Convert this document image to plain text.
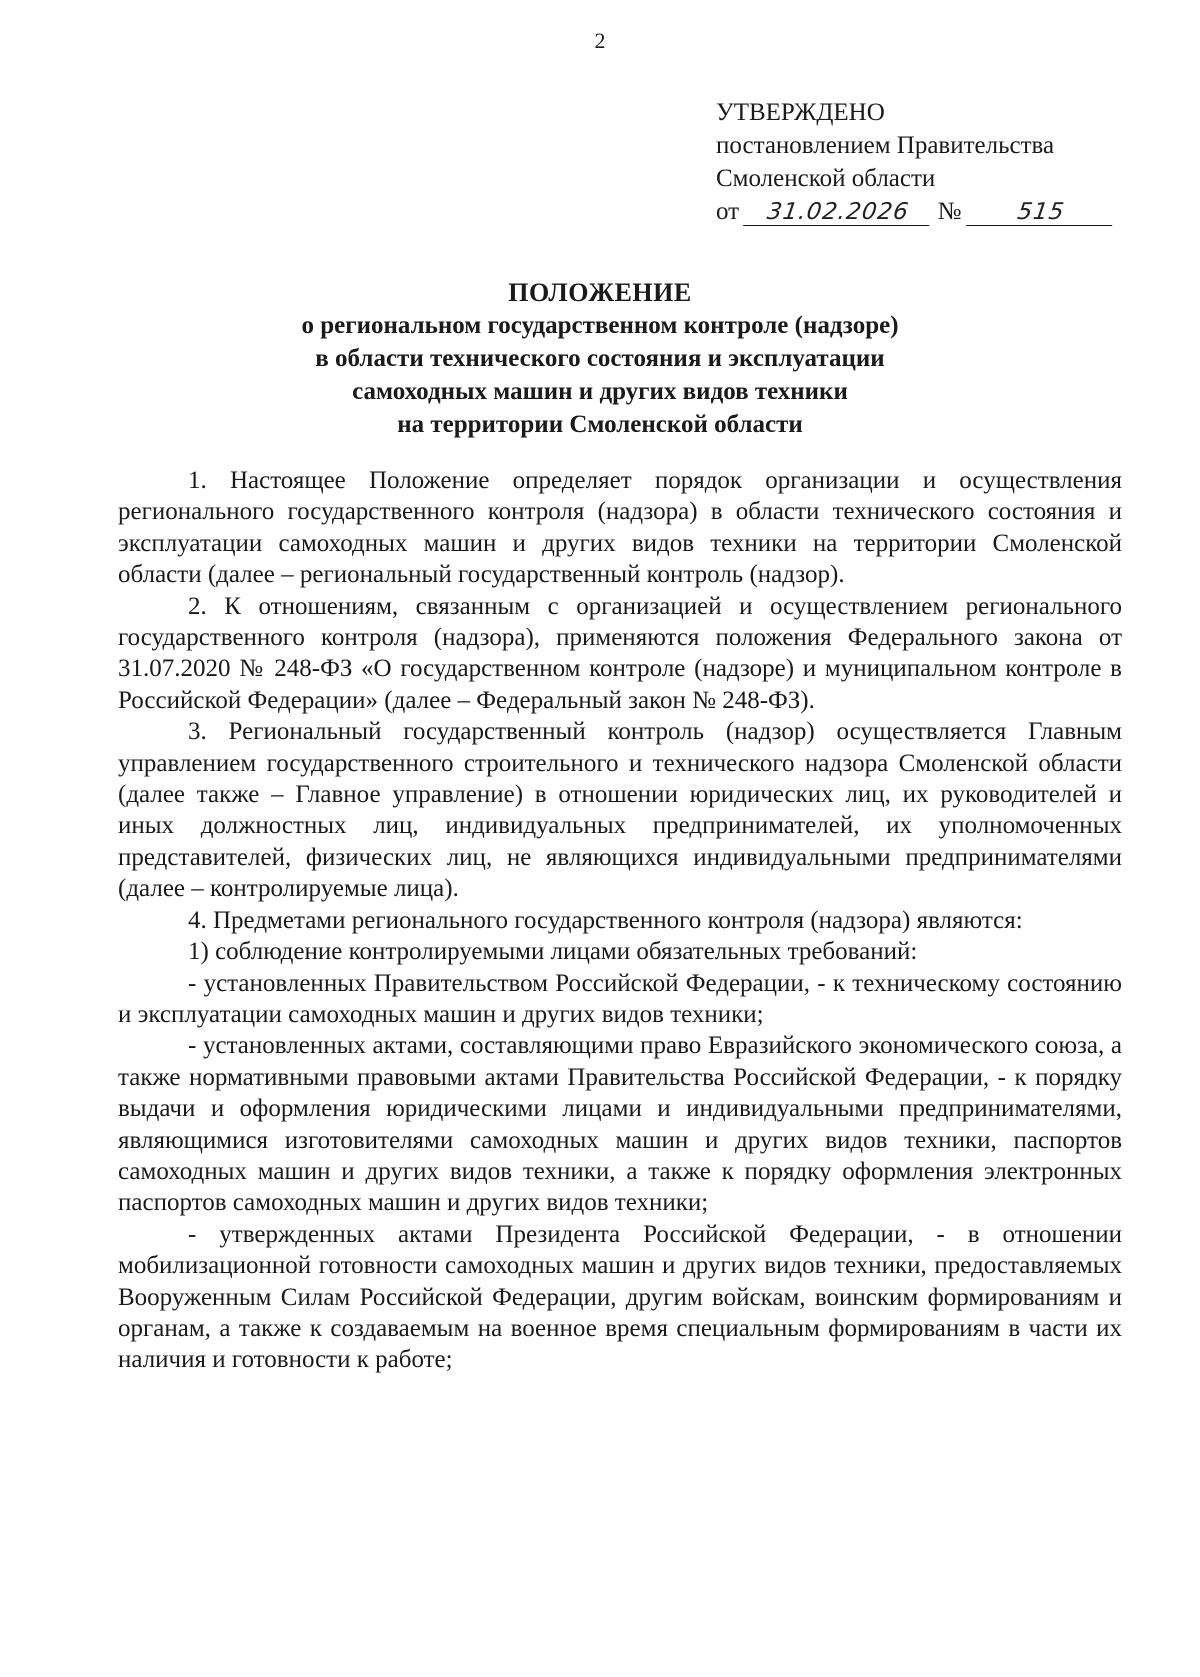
2
УТВЕРЖДЕНО
постановлением Правительства
Смоленской области
от 31.02.2026 № 515
ПОЛОЖЕНИЕ
о региональном государственном контроле (надзоре)
в области технического состояния и эксплуатации
самоходных машин и других видов техники
на территории Смоленской области

1. Настоящее Положение определяет порядок организации и осуществления регионального государственного контроля (надзора) в области технического состояния и эксплуатации самоходных машин и других видов техники на территории Смоленской области (далее – региональный государственный контроль (надзор).

2. К отношениям, связанным с организацией и осуществлением регионального государственного контроля (надзора), применяются положения Федерального закона от 31.07.2020 № 248-ФЗ «О государственном контроле (надзоре) и муниципальном контроле в Российской Федерации» (далее – Федеральный закон № 248-ФЗ).

3. Региональный государственный контроль (надзор) осуществляется Главным управлением государственного строительного и технического надзора Смоленской области (далее также – Главное управление) в отношении юридических лиц, их руководителей и иных должностных лиц, индивидуальных предпринимателей, их уполномоченных представителей, физических лиц, не являющихся индивидуальными предпринимателями (далее – контролируемые лица).

4. Предметами регионального государственного контроля (надзора) являются:

1) соблюдение контролируемыми лицами обязательных требований:

- установленных Правительством Российской Федерации, - к техническому состоянию и эксплуатации самоходных машин и других видов техники;

- установленных актами, составляющими право Евразийского экономического союза, а также нормативными правовыми актами Правительства Российской Федерации, - к порядку выдачи и оформления юридическими лицами и индивидуальными предпринимателями, являющимися изготовителями самоходных машин и других видов техники, паспортов самоходных машин и других видов техники, а также к порядку оформления электронных паспортов самоходных машин и других видов техники;

- утвержденных актами Президента Российской Федерации, - в отношении мобилизационной готовности самоходных машин и других видов техники, предоставляемых Вооруженным Силам Российской Федерации, другим войскам, воинским формированиям и органам, а также к создаваемым на военное время специальным формированиям в части их наличия и готовности к работе;
